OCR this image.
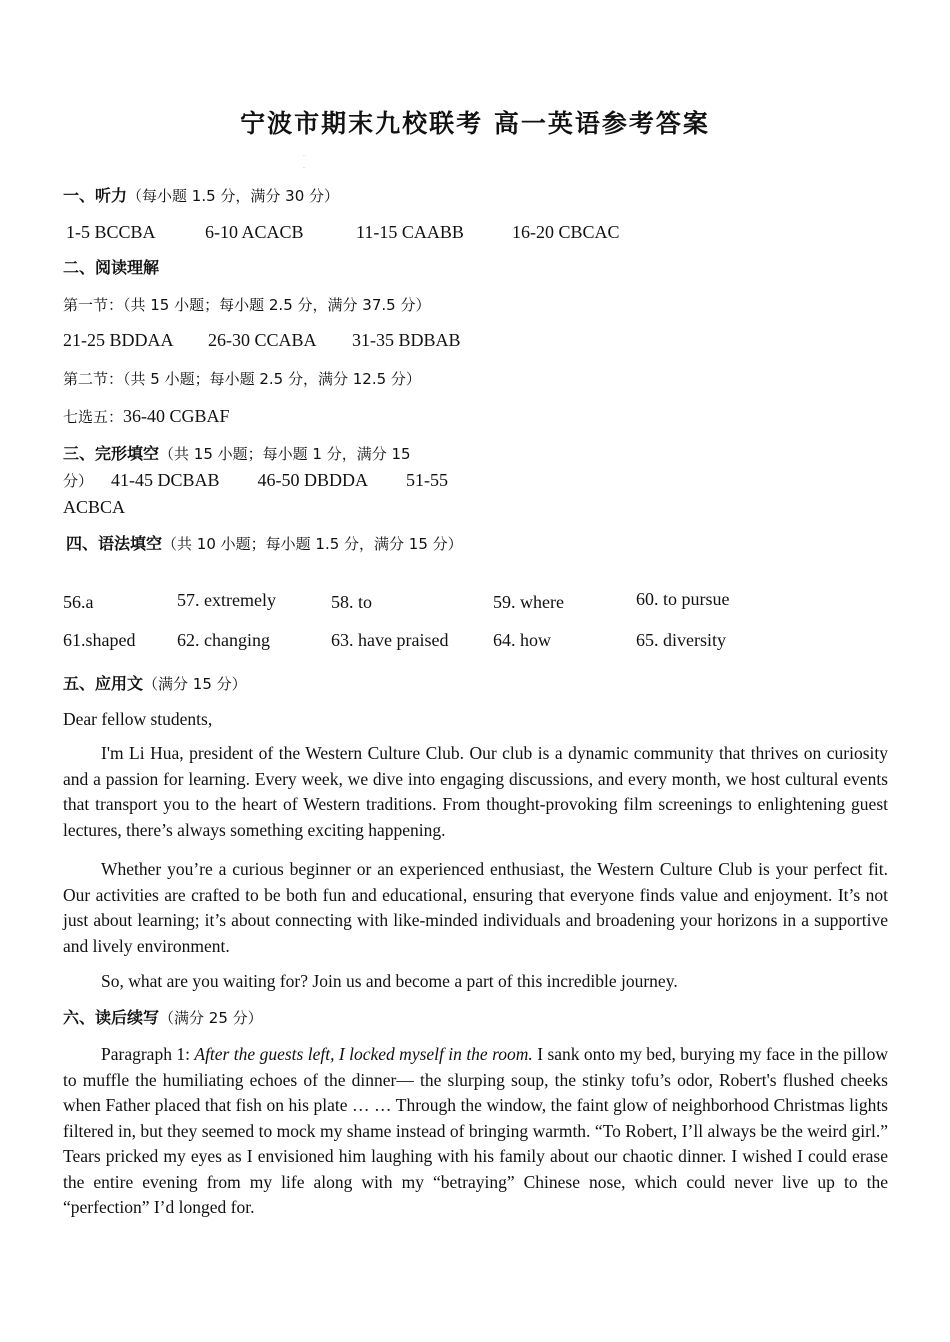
宁波市期末九校联考 高一英语参考答案
..
..
一、听力（每小题 1.5 分，满分 30 分）
1-5 BCCBA	6-10 ACACB	11-15 CAABB	16-20 CBCAC
二、阅读理解
第一节：（共 15 小题；每小题 2.5 分，满分 37.5 分）
21-25 BDDAA 26-30 CCABA 31-35 BDBAB
第二节：（共 5 小题；每小题 2.5 分，满分 12.5 分）
七选五：36-40 CGBAF
三、完形填空（共 15 小题；每小题 1 分，满分 15
分） 41-45 DCBAB 46-50 DBDDA 51-55
ACBCA
四、语法填空（共 10 小题；每小题 1.5 分，满分 15 分）
56.a	57. extremely	58. to	59. where	60. to pursue
61.shaped 62. changing	63. have praised 64. how	65. diversity
五、应用文（满分 15 分）
Dear fellow students,
I'm Li Hua, president of the Western Culture Club. Our club is a dynamic community that thrives on curiosity and a passion for learning. Every week, we dive into engaging discussions, and every month, we host cultural events that transport you to the heart of Western traditions. From thought-provoking film screenings to enlightening guest lectures, there’s always something exciting happening.
Whether you’re a curious beginner or an experienced enthusiast, the Western Culture Club is your perfect fit. Our activities are crafted to be both fun and educational, ensuring that everyone finds value and enjoyment. It’s not just about learning; it’s about connecting with like-minded individuals and broadening your horizons in a supportive and lively environment.
So, what are you waiting for? Join us and become a part of this incredible journey.
六、读后续写（满分 25 分）
Paragraph 1: After the guests left, I locked myself in the room. I sank onto my bed, burying my face in the pillow to muffle the humiliating echoes of the dinner— the slurping soup, the stinky tofu’s odor, Robert's flushed cheeks when Father placed that fish on his plate … … Through the window, the faint glow of neighborhood Christmas lights filtered in, but they seemed to mock my shame instead of bringing warmth. “To Robert, I’ll always be the weird girl.” Tears pricked my eyes as I envisioned him laughing with his family about our chaotic dinner. I wished I could erase the entire evening from my life along with my “betraying” Chinese nose, which could never live up to the “perfection” I’d longed for.
